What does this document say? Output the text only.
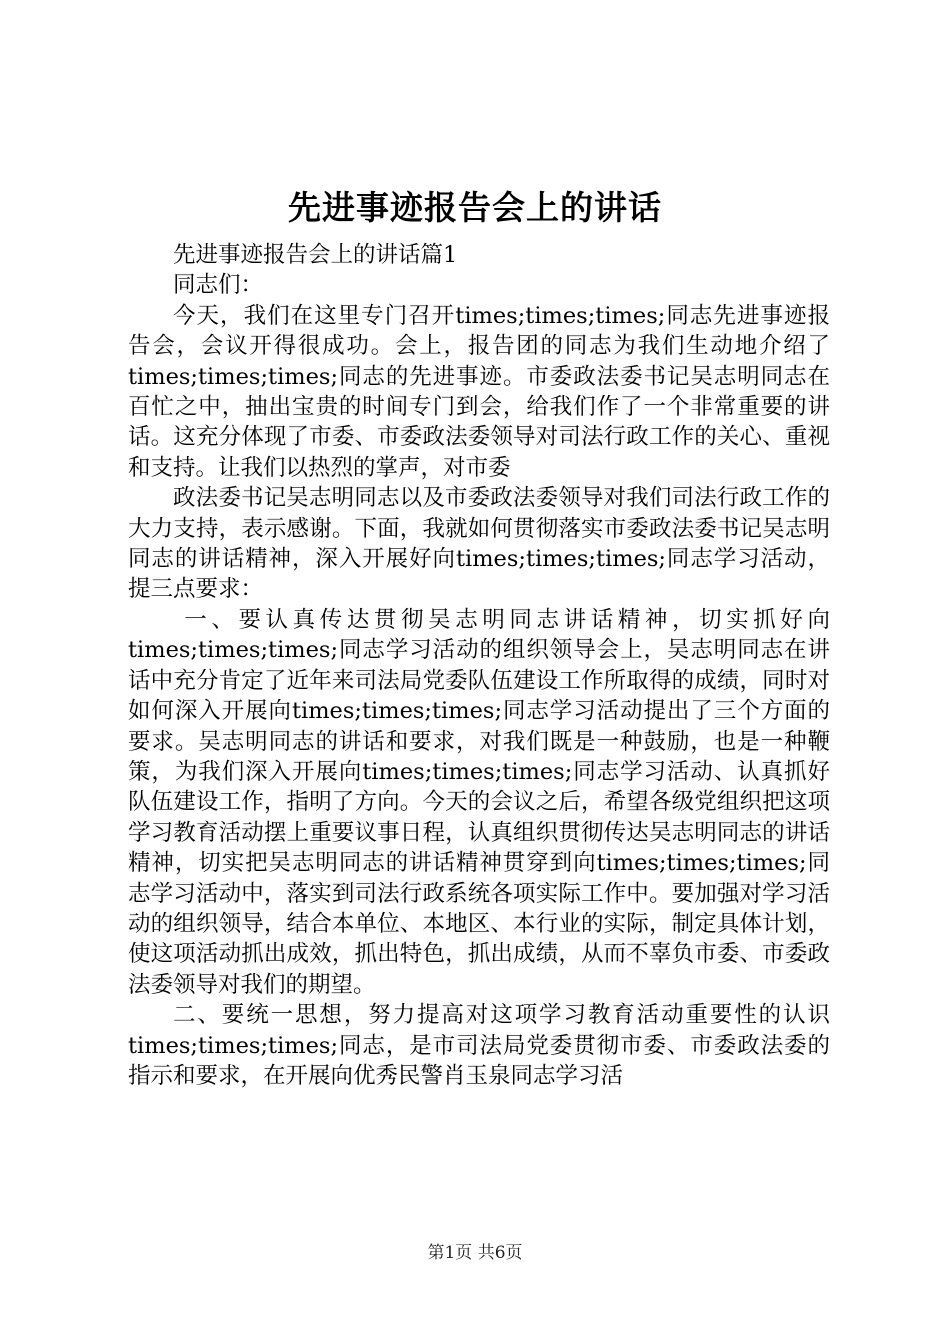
先进事迹报告会上的讲话

先进事迹报告会上的讲话篇1

同志们：

今天，我们在这里专门召开times;times;times;同志先进事迹报告会，会议开得很成功。会上，报告团的同志为我们生动地介绍了times;times;times;同志的先进事迹。市委政法委书记吴志明同志在百忙之中，抽出宝贵的时间专门到会，给我们作了一个非常重要的讲话。这充分体现了市委、市委政法委领导对司法行政工作的关心、重视和支持。让我们以热烈的掌声，对市委

政法委书记吴志明同志以及市委政法委领导对我们司法行政工作的大力支持，表示感谢。下面，我就如何贯彻落实市委政法委书记吴志明同志的讲话精神，深入开展好向times;times;times;同志学习活动，提三点要求：

一、要认真传达贯彻吴志明同志讲话精神，切实抓好向times;times;times;同志学习活动的组织领导会上，吴志明同志在讲话中充分肯定了近年来司法局党委队伍建设工作所取得的成绩，同时对如何深入开展向times;times;times;同志学习活动提出了三个方面的要求。吴志明同志的讲话和要求，对我们既是一种鼓励，也是一种鞭策，为我们深入开展向times;times;times;同志学习活动、认真抓好队伍建设工作，指明了方向。今天的会议之后，希望各级党组织把这项学习教育活动摆上重要议事日程，认真组织贯彻传达吴志明同志的讲话精神，切实把吴志明同志的讲话精神贯穿到向times;times;times;同志学习活动中，落实到司法行政系统各项实际工作中。要加强对学习活动的组织领导，结合本单位、本地区、本行业的实际，制定具体计划，使这项活动抓出成效，抓出特色，抓出成绩，从而不辜负市委、市委政法委领导对我们的期望。

二、要统一思想，努力提高对这项学习教育活动重要性的认识times;times;times;同志，是市司法局党委贯彻市委、市委政法委的指示和要求，在开展向优秀民警肖玉泉同志学习活

第1页 共6页
